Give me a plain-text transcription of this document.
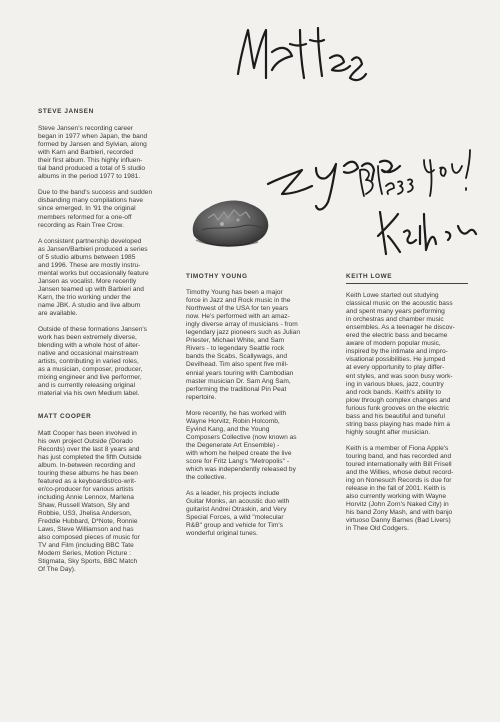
STEVE JANSEN
Steve Jansen's recording career
began in 1977 when Japan, the band
formed by Jansen and Sylvian, along
with Karn and Barbieri, recorded
their first album. This highly influen-
tial band produced a total of 5 studio
albums in the period 1977 to 1981.
Due to the band's success and sudden
disbanding many compilations have
since emerged. In '91 the original
members reformed for a one-off
recording as Rain Tree Crow.
A consistent partnership developed
as Jansen/Barbieri produced a series
of 5 studio albums between 1985
and 1996. These are mostly instru-
mental works but occasionally feature
Jansen as vocalist. More recently
Jansen teamed up with Barbieri and
Karn, the trio working under the
name JBK. A studio and live album
are available.
Outside of these formations Jansen's
work has been extremely diverse,
blending with a whole host of alter-
native and occasional mainstream
artists, contributing in varied roles,
as a musician, composer, producer,
mixing engineer and live performer,
and is currently releasing original
material via his own Medium label.
MATT COOPER
Matt Cooper has been involved in
his own project Outside (Dorado
Records) over the last 8 years and
has just completed the fifth Outside
album. In-between recording and
touring these albums he has been
featured as a keyboardist/co-writ-
er/co-producer for various artists
including Annie Lennox, Marlena
Shaw, Russell Watson, Sly and
Robbie, US3, Jhelisa Anderson,
Freddie Hubbard, D*Note, Ronnie
Laws, Steve Williamson and has
also composed pieces of music for
TV and Film (including BBC Tate
Modern Series, Motion Picture :
Stigmata, Sky Sports, BBC Match
Of The Day).
TIMOTHY YOUNG
Timothy Young has been a major
force in Jazz and Rock music in the
Northwest of the USA for ten years
now. He's performed with an amaz-
ingly diverse array of musicians - from
legendary jazz pioneers such as Julian
Priester, Michael White, and Sam
Rivers - to legendary Seattle rock
bands the Scabs, Scallywags, and
Devilhead. Tim also spent five mill-
ennial years touring with Cambodian
master musician Dr. Sam Ang Sam,
performing the traditional Pin Peat
repertoire.
More recently, he has worked with
Wayne Horvitz, Robin Holcomb,
Eyvind Kang, and the Young
Composers Collective (now known as
the Degenerate Art Ensemble) -
with whom he helped create the live
score for Fritz Lang's "Metropolis" -
which was independently released by
the collective.
As a leader, his projects include
Guitar Monks, an acoustic duo with
guitarist Andrei Otraskin, and Very
Special Forces, a wild "molecular
R&B" group and vehicle for Tim's
wonderful original tunes.
KEITH LOWE
Keith Lowe started out studying
classical music on the acoustic bass
and spent many years performing
in orchestras and chamber music
ensembles. As a teenager he discov-
ered the electric bass and became
aware of modern popular music,
inspired by the intimate and impro-
visational possibilities. He jumped
at every opportunity to play differ-
ent styles, and was soon busy work-
ing in various blues, jazz, country
and rock bands. Keith's ability to
plow through complex changes and
furious funk grooves on the electric
bass and his beautiful and tuneful
string bass playing has made him a
highly sought after musician.
Keith is a member of Fiona Apple's
touring band, and has recorded and
toured internationally with Bill Frisell
and the Willies, whose debut record-
ing on Nonesuch Records is due for
release in the fall of 2001. Keith is
also currently working with Wayne
Horvitz (John Zorn's Naked City) in
his band Zony Mash, and with banjo
virtuoso Danny Barnes (Bad Livers)
in Thee Old Codgers.
